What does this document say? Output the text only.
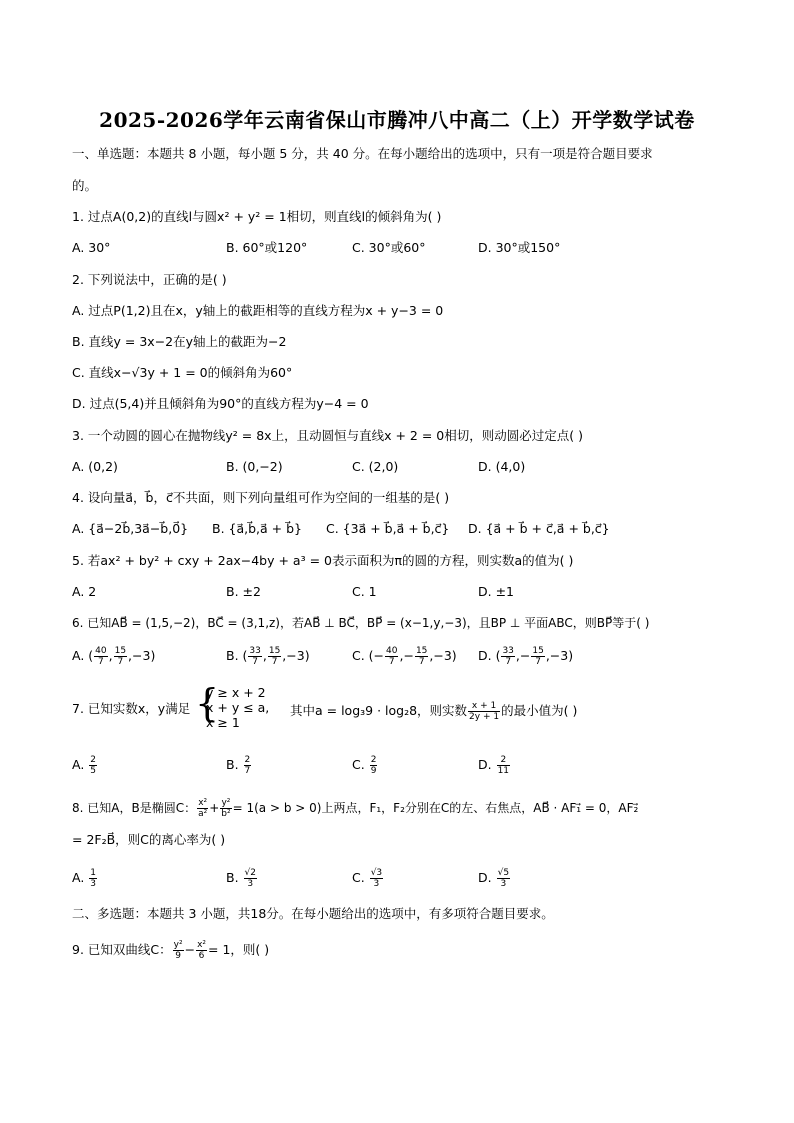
2025-2026学年云南省保山市腾冲八中高二（上）开学数学试卷
一、单选题：本题共 8 小题，每小题 5 分，共 40 分。在每小题给出的选项中，只有一项是符合题目要求
的。
1. 过点A(0,2)的直线l与圆x² + y² = 1相切，则直线l的倾斜角为( )
A. 30°	B. 60°或120°	C. 30°或60°	D. 30°或150°
2. 下列说法中，正确的是( )
A. 过点P(1,2)且在x，y轴上的截距相等的直线方程为x + y−3 = 0
B. 直线y = 3x−2在y轴上的截距为−2
C. 直线x−√3y + 1 = 0的倾斜角为60°
D. 过点(5,4)并且倾斜角为90°的直线方程为y−4 = 0
3. 一个动圆的圆心在抛物线y² = 8x上，且动圆恒与直线x + 2 = 0相切，则动圆必过定点( )
A. (0,2)	B. (0,−2)	C. (2,0)	D. (4,0)
4. 设向量a⃗，b⃗，c⃗不共面，则下列向量组可作为空间的一组基的是( )
A. {a⃗−2b⃗,3a⃗−b⃗,0⃗} B. {a⃗,b⃗,a⃗ + b⃗} C. {3a⃗ + b⃗,a⃗ + b⃗,c⃗} D. {a⃗ + b⃗ + c⃗,a⃗ + b⃗,c⃗}
5. 若ax² + by² + cxy + 2ax−4by + a³ = 0表示面积为π的圆的方程，则实数a的值为( )
A. 2	B. ±2	C. 1	D. ±1
6. 已知AB⃗ = (1,5,−2)，BC⃗ = (3,1,z)，若AB⃗ ⊥ BC⃗，BP⃗ = (x−1,y,−3)，且BP ⊥ 平面ABC，则BP⃗等于( )
A. ( $\frac{40}{7}$ , $\frac{15}{7} ,-3$)	B. ( $\frac{33}{7}$ , $\frac{15}{7} ,-3$)	C. (− $\frac{40}{7}$ ,− $\frac{15}{7} ,-3$) D. ( $\frac{33}{7}$ ,− $\frac{15}{7} ,-3$)
7. 已知实数x，y满足 {
y ≥ x + 2
x + y ≤ a,
x ≥ 1
其中a = log₃9 · log₂8，则实数 $\frac{x + 1}{2y + 1}$ 的最小值为( )
A. $\frac{2}{5}$	B. $\frac{2}{7}$	C. $\frac{2}{9}$	D. $\frac{2}{11}$
8. 已知A，B是椭圆C： $\frac{\text{x²}}{\text{a²}} + \frac{\text{y²}}{\text{b²}} = 1(a > b > 0)$上两点，F₁，F₂分别在C的左、右焦点，AB⃗ · AF₁⃗ = 0，AF₂⃗
= 2F₂B⃗，则C的离心率为( )
A. $\frac{1}{3}$	B. $\frac{√2}{3}$	C. $\frac{√3}{3}$	D. $\frac{√5}{3}$
二、多选题：本题共 3 小题，共18分。在每小题给出的选项中，有多项符合题目要求。
9. 已知双曲线C： $\frac{\text{y²}}{9} - \frac{\text{x²}}{6} = 1$，则( )
